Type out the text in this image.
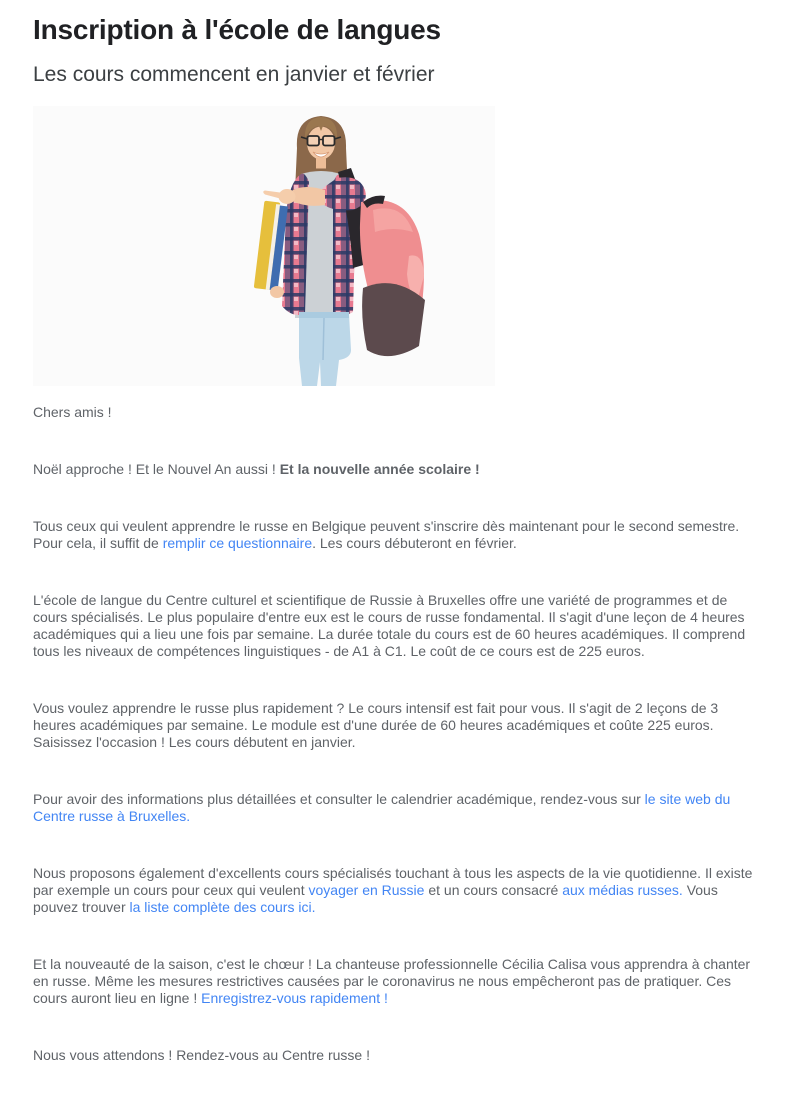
Inscription à l'école de langues
Les cours commencent en janvier et février

Chers amis !

Noël approche ! Et le Nouvel An aussi ! Et la nouvelle année scolaire !

Tous ceux qui veulent apprendre le russe en Belgique peuvent s'inscrire dès maintenant pour le second semestre. Pour cela, il suffit de remplir ce questionnaire. Les cours débuteront en février.

L'école de langue du Centre culturel et scientifique de Russie à Bruxelles offre une variété de programmes et de cours spécialisés. Le plus populaire d'entre eux est le cours de russe fondamental. Il s'agit d'une leçon de 4 heures académiques qui a lieu une fois par semaine. La durée totale du cours est de 60 heures académiques. Il comprend tous les niveaux de compétences linguistiques - de A1 à C1. Le coût de ce cours est de 225 euros.

Vous voulez apprendre le russe plus rapidement ? Le cours intensif est fait pour vous. Il s'agit de 2 leçons de 3 heures académiques par semaine. Le module est d'une durée de 60 heures académiques et coûte 225 euros. Saisissez l'occasion ! Les cours débutent en janvier.

Pour avoir des informations plus détaillées et consulter le calendrier académique, rendez-vous sur le site web du Centre russe à Bruxelles.

Nous proposons également d'excellents cours spécialisés touchant à tous les aspects de la vie quotidienne. Il existe par exemple un cours pour ceux qui veulent voyager en Russie et un cours consacré aux médias russes. Vous pouvez trouver la liste complète des cours ici.

Et la nouveauté de la saison, c'est le chœur ! La chanteuse professionnelle Cécilia Calisa vous apprendra à chanter en russe. Même les mesures restrictives causées par le coronavirus ne nous empêcheront pas de pratiquer. Ces cours auront lieu en ligne ! Enregistrez-vous rapidement !

Nous vous attendons ! Rendez-vous au Centre russe !
